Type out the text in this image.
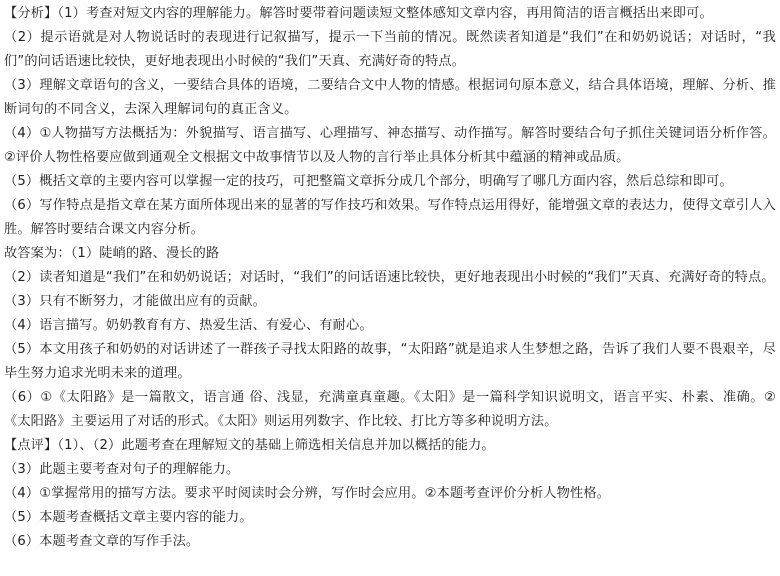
【分析】（1）考查对短文内容的理解能力。解答时要带着问题读短文整体感知文章内容，再用简洁的语言概括出来即可。

（2）提示语就是对人物说话时的表现进行记叙描写，提示一下当前的情况。既然读者知道是“我们”在和奶奶说话；对话时，“我们”的问话语速比较快，更好地表现出小时候的“我们”天真、充满好奇的特点。

（3）理解文章语句的含义，一要结合具体的语境，二要结合文中人物的情感。根据词句原本意义，结合具体语境，理解、分析、推断词句的不同含义，去深入理解词句的真正含义。

（4）①人物描写方法概括为：外貌描写、语言描写、心理描写、神态描写、动作描写。解答时要结合句子抓住关键词语分析作答。②评价人物性格要应做到通观全文根据文中故事情节以及人物的言行举止具体分析其中蕴涵的精神或品质。

（5）概括文章的主要内容可以掌握一定的技巧，可把整篇文章拆分成几个部分，明确写了哪几方面内容，然后总综和即可。

（6）写作特点是指文章在某方面所体现出来的显著的写作技巧和效果。写作特点运用得好，能增强文章的表达力，使得文章引人入胜。解答时要结合课文内容分析。

故答案为：（1）陡峭的路、漫长的路

（2）读者知道是“我们”在和奶奶说话；对话时，“我们”的问话语速比较快，更好地表现出小时候的“我们”天真、充满好奇的特点。

（3）只有不断努力，才能做出应有的贡献。

（4）语言描写。奶奶教育有方、热爱生活、有爱心、有耐心。

（5）本文用孩子和奶奶的对话讲述了一群孩子寻找太阳路的故事，“太阳路”就是追求人生梦想之路，告诉了我们人要不畏艰辛，尽毕生努力追求光明未来的道理。

（6）①《太阳路》是一篇散文，语言通 俗、浅显，充满童真童趣。《太阳》是一篇科学知识说明文，语言平实、朴素、准确。②《太阳路》主要运用了对话的形式。《太阳》则运用列数字、作比较、打比方等多种说明方法。

【点评】（1）、（2）此题考查在理解短文的基础上筛选相关信息并加以概括的能力。

（3）此题主要考查对句子的理解能力。

（4）①掌握常用的描写方法。要求平时阅读时会分辨，写作时会应用。②本题考查评价分析人物性格。

（5）本题考查概括文章主要内容的能力。

（6）本题考查文章的写作手法。
